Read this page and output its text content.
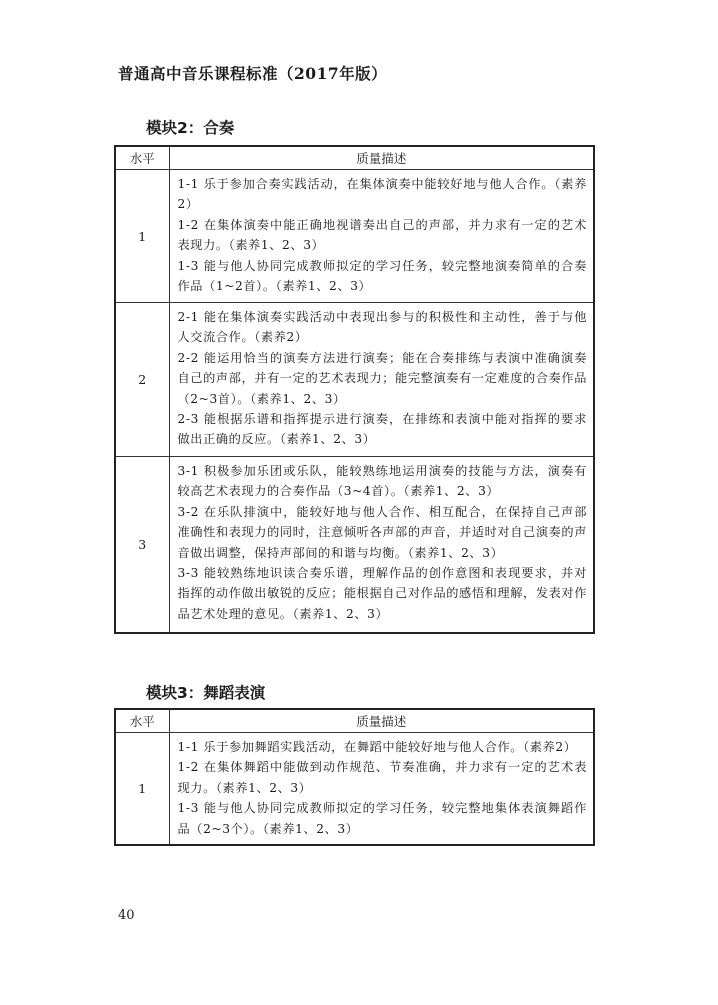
普通高中音乐课程标准（2017年版）
模块2：合奏
水平	质量描述
1	1-1 乐于参加合奏实践活动，在集体演奏中能较好地与他人合作。（素养2）

1-2 在集体演奏中能正确地视谱奏出自己的声部，并力求有一定的艺术表现力。（素养1、2、3）

1-3 能与他人协同完成教师拟定的学习任务，较完整地演奏简单的合奏作品（1~2首）。（素养1、2、3）

2	2-1 能在集体演奏实践活动中表现出参与的积极性和主动性，善于与他人交流合作。（素养2）

2-2 能运用恰当的演奏方法进行演奏；能在合奏排练与表演中准确演奏自己的声部，并有一定的艺术表现力；能完整演奏有一定难度的合奏作品（2~3首）。（素养1、2、3）

2-3 能根据乐谱和指挥提示进行演奏，在排练和表演中能对指挥的要求做出正确的反应。（素养1、2、3）

3	3-1 积极参加乐团或乐队，能较熟练地运用演奏的技能与方法，演奏有较高艺术表现力的合奏作品（3~4首）。（素养1、2、3）

3-2 在乐队排演中，能较好地与他人合作、相互配合，在保持自己声部准确性和表现力的同时，注意倾听各声部的声音，并适时对自己演奏的声音做出调整，保持声部间的和谐与均衡。（素养1、2、3）

3-3 能较熟练地识读合奏乐谱，理解作品的创作意图和表现要求，并对指挥的动作做出敏锐的反应；能根据自己对作品的感悟和理解，发表对作品艺术处理的意见。（素养1、2、3）

模块3：舞蹈表演
水平	质量描述
1	1-1 乐于参加舞蹈实践活动，在舞蹈中能较好地与他人合作。（素养2）

1-2 在集体舞蹈中能做到动作规范、节奏准确，并力求有一定的艺术表现力。（素养1、2、3）

1-3 能与他人协同完成教师拟定的学习任务，较完整地集体表演舞蹈作品（2~3个）。（素养1、2、3）

40
